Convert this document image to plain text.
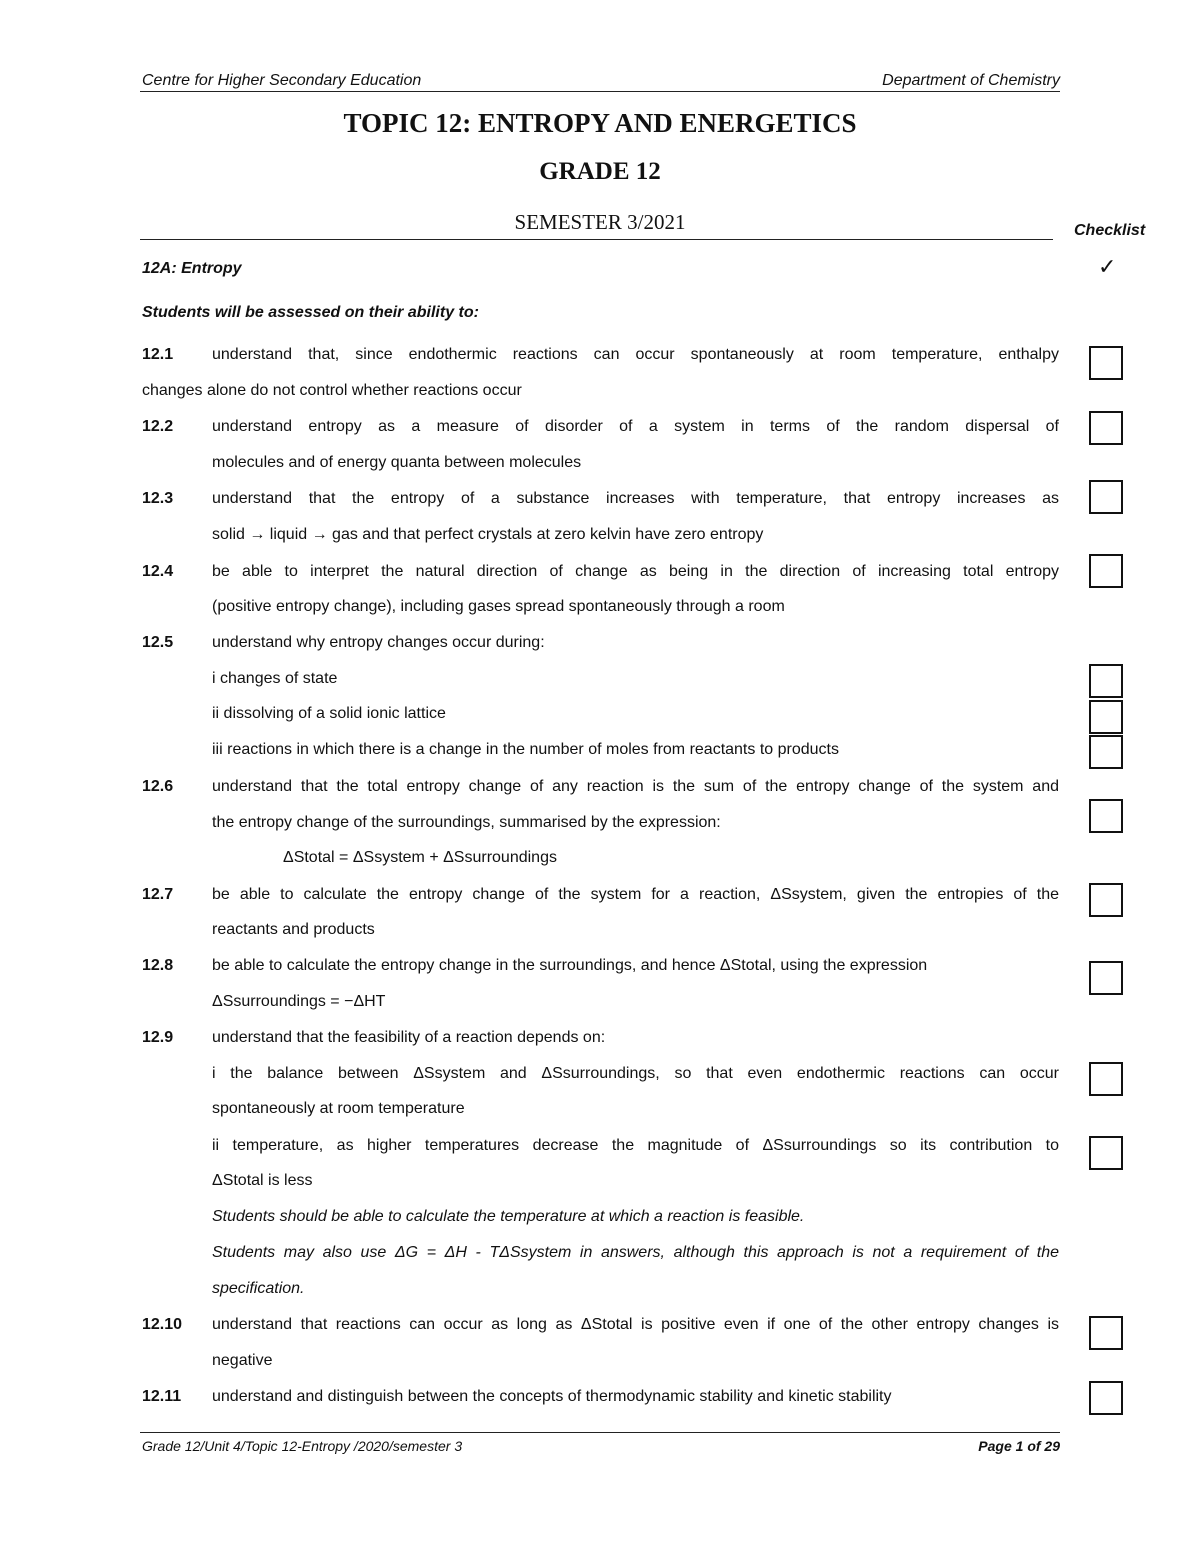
Centre for Higher Secondary Education	Department of Chemistry
TOPIC 12: ENTROPY AND ENERGETICS
GRADE 12
SEMESTER 3/2021	Checklist
✓
12A: Entropy
Students will be assessed on their ability to:
12.1 understand that, since endothermic reactions can occur spontaneously at room temperature, enthalpy
changes alone do not control whether reactions occur
12.2 understand entropy as a measure of disorder of a system in terms of the random dispersal of
molecules and of energy quanta between molecules
12.3 understand that the entropy of a substance increases with temperature, that entropy increases as
solid → liquid → gas and that perfect crystals at zero kelvin have zero entropy
12.4 be able to interpret the natural direction of change as being in the direction of increasing total entropy
(positive entropy change), including gases spread spontaneously through a room
12.5 understand why entropy changes occur during:
i changes of state
ii dissolving of a solid ionic lattice
iii reactions in which there is a change in the number of moles from reactants to products
12.6 understand that the total entropy change of any reaction is the sum of the entropy change of the system and
the entropy change of the surroundings, summarised by the expression:
ΔStotal = ΔSsystem + ΔSsurroundings
12.7 be able to calculate the entropy change of the system for a reaction, ΔSsystem, given the entropies of the
reactants and products
12.8 be able to calculate the entropy change in the surroundings, and hence ΔStotal, using the expression
ΔSsurroundings = −ΔHT
12.9 understand that the feasibility of a reaction depends on:
i the balance between ΔSsystem and ΔSsurroundings, so that even endothermic reactions can occur
spontaneously at room temperature
ii temperature, as higher temperatures decrease the magnitude of ΔSsurroundings so its contribution to
ΔStotal is less
Students should be able to calculate the temperature at which a reaction is feasible.
Students may also use ΔG = ΔH - TΔSsystem in answers, although this approach is not a requirement of the
specification.
12.10 understand that reactions can occur as long as ΔStotal is positive even if one of the other entropy changes is
negative
12.11 understand and distinguish between the concepts of thermodynamic stability and kinetic stability
Grade 12/Unit 4/Topic 12-Entropy /2020/semester 3	Page 1 of 29
